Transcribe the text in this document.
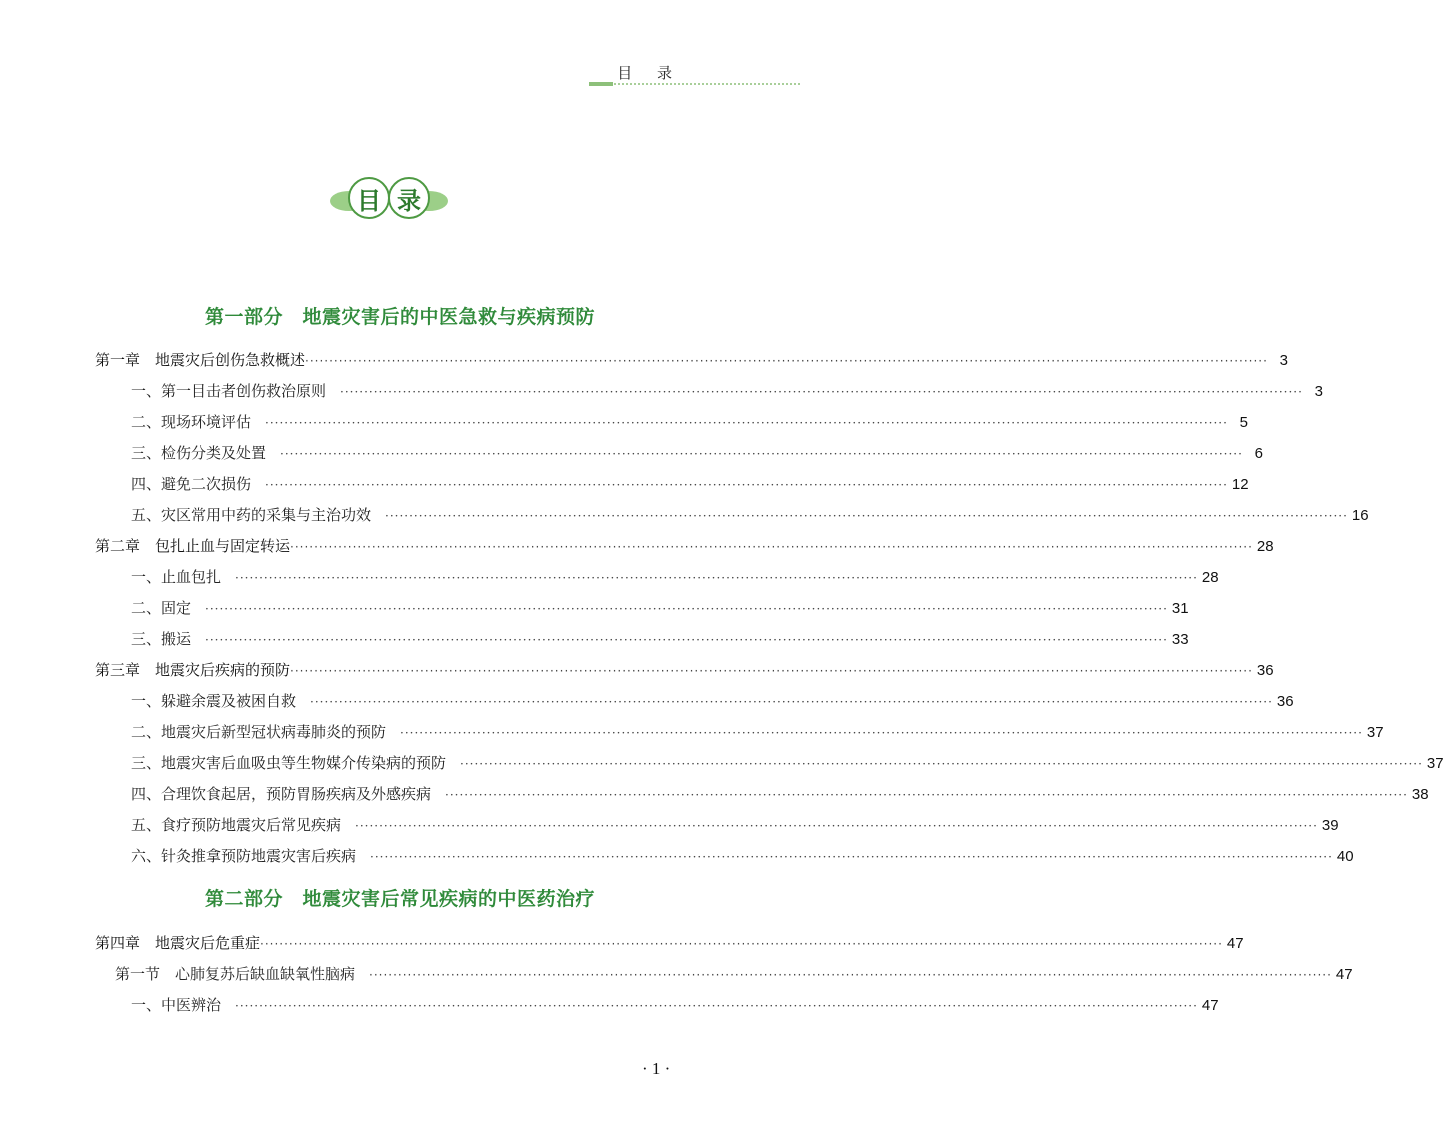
目 录
目 录
第一部分　地震灾害后的中医急救与疾病预防
第一章　地震灾后创伤急救概述 ········································································································································································································ 3
一、第一目击者创伤救治原则 ········································································································································································································ 3
二、现场环境评估 ········································································································································································································ 5
三、检伤分类及处置 ········································································································································································································ 6
四、避免二次损伤 ········································································································································································································ 12
五、灾区常用中药的采集与主治功效 ········································································································································································································ 16
第二章　包扎止血与固定转运 ········································································································································································································ 28
一、止血包扎 ········································································································································································································ 28
二、固定 ········································································································································································································ 31
三、搬运 ········································································································································································································ 33
第三章　地震灾后疾病的预防 ········································································································································································································ 36
一、躲避余震及被困自救 ········································································································································································································ 36
二、地震灾后新型冠状病毒肺炎的预防 ········································································································································································································ 37
三、地震灾害后血吸虫等生物媒介传染病的预防 ········································································································································································································ 37
四、合理饮食起居，预防胃肠疾病及外感疾病 ········································································································································································································ 38
五、食疗预防地震灾后常见疾病 ········································································································································································································ 39
六、针灸推拿预防地震灾害后疾病 ········································································································································································································ 40
第二部分　地震灾害后常见疾病的中医药治疗
第四章　地震灾后危重症 ········································································································································································································ 47
第一节　心肺复苏后缺血缺氧性脑病 ········································································································································································································ 47
一、中医辨治 ········································································································································································································ 47
· 1 ·
